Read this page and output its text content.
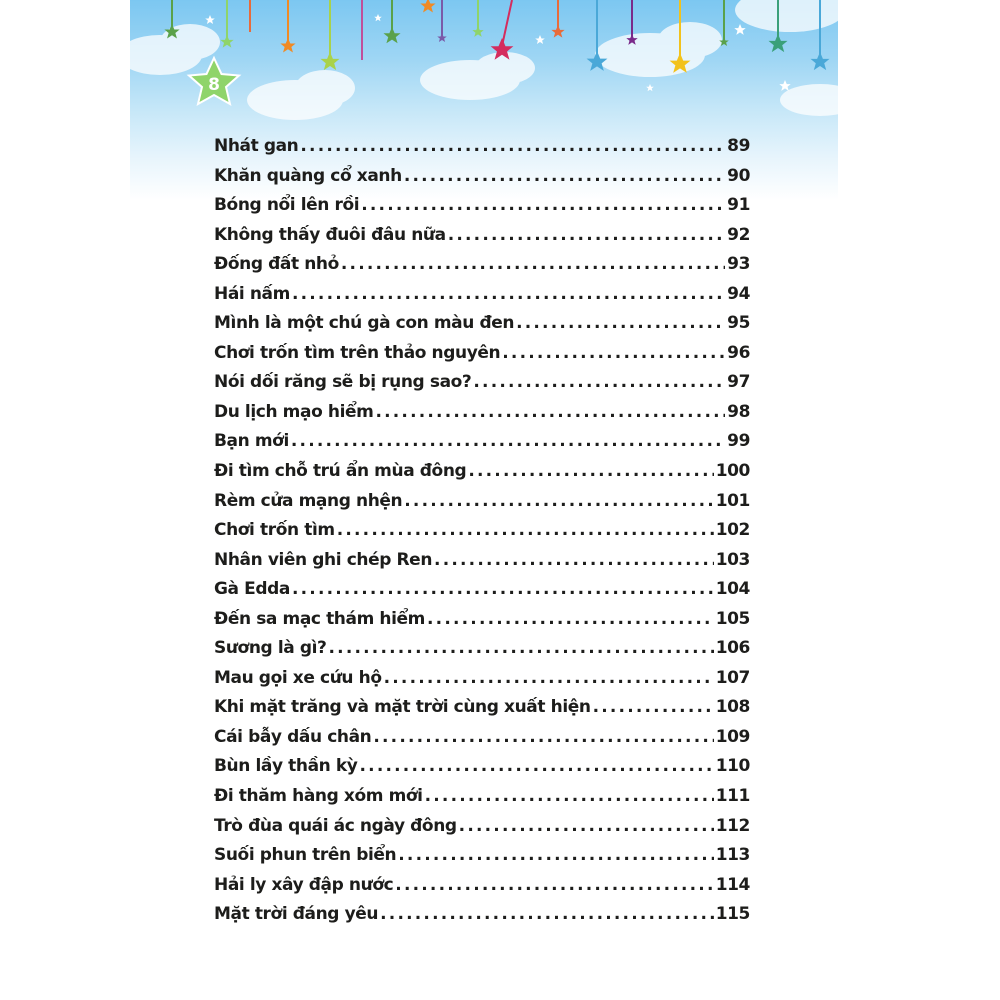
8
Nhát gan .....	89
Khăn quàng cổ xanh .....	90
Bóng nổi lên rồi .....	91
Không thấy đuôi đâu nữa .....	92
Đống đất nhỏ .....	93
Hái nấm .....	94
Mình là một chú gà con màu đen .....	95
Chơi trốn tìm trên thảo nguyên .....	96
Nói dối răng sẽ bị rụng sao? .....	97
Du lịch mạo hiểm .....	98
Bạn mới .....	99
Đi tìm chỗ trú ẩn mùa đông .....	100
Rèm cửa mạng nhện .....	101
Chơi trốn tìm .....	102
Nhân viên ghi chép Ren .....	103
Gà Edda .....	104
Đến sa mạc thám hiểm .....	105
Sương là gì? .....	106
Mau gọi xe cứu hộ .....	107
Khi mặt trăng và mặt trời cùng xuất hiện .....	108
Cái bẫy dấu chân .....	109
Bùn lầy thần kỳ .....	110
Đi thăm hàng xóm mới .....	111
Trò đùa quái ác ngày đông .....	112
Suối phun trên biển .....	113
Hải ly xây đập nước .....	114
Mặt trời đáng yêu .....	115
